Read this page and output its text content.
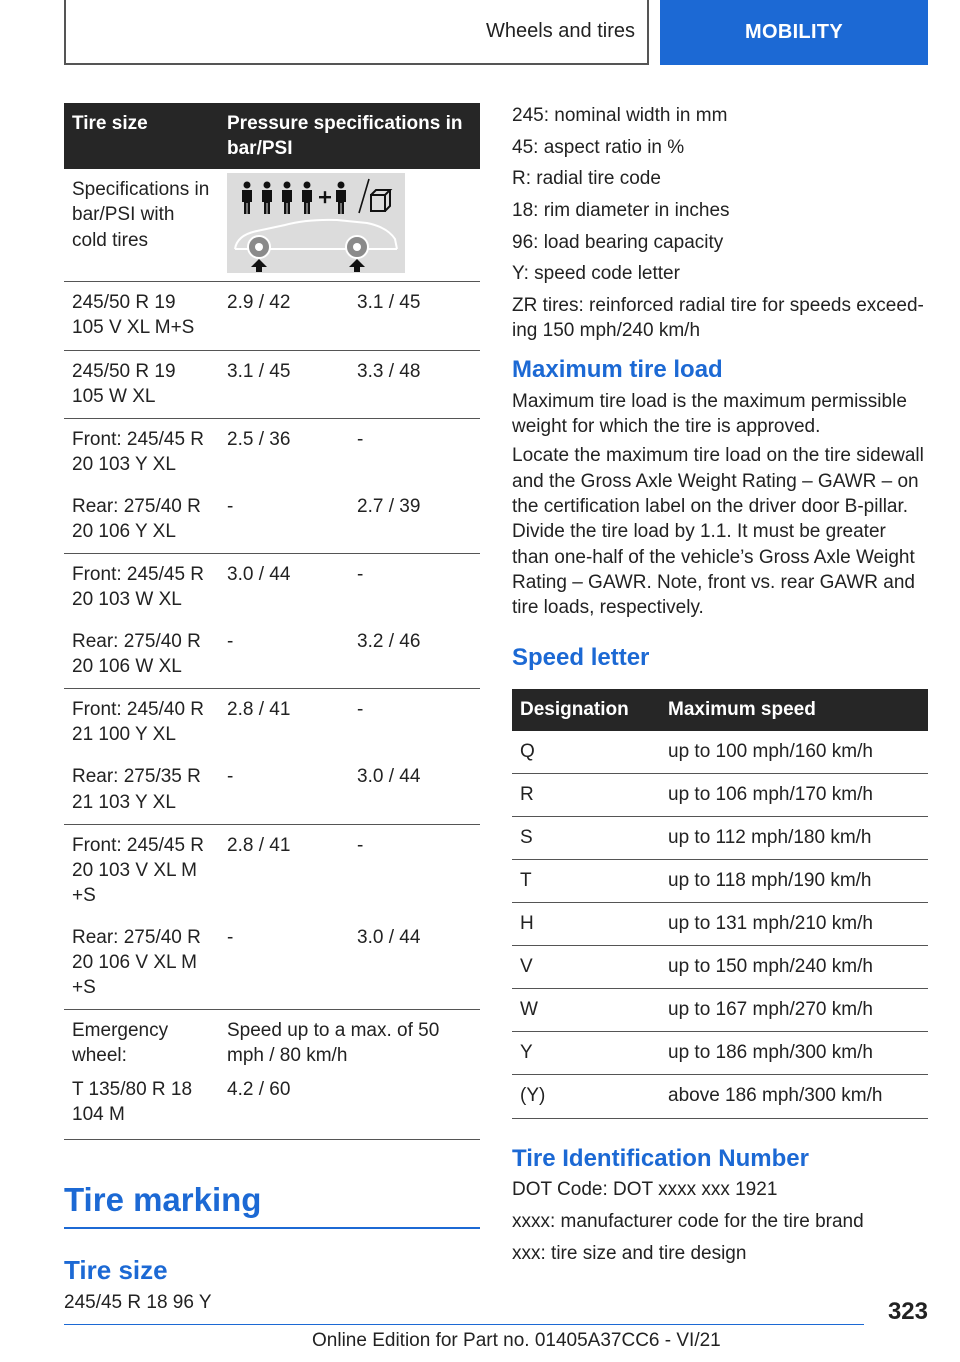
Wheels and tires	MOBILITY
Tire size	Pressure specifications in bar/PSI	
Specifications in bar/PSI with cold tires	

245/50 R 19 105 V XL M+S	2.9 / 42	3.1 / 45
245/50 R 19 105 W XL	3.1 / 45	3.3 / 48
Front: 245/45 R 20 103 Y XL	2.5 / 36	-
Rear: 275/40 R 20 106 Y XL	-	2.7 / 39
Front: 245/45 R 20 103 W XL	3.0 / 44	-
Rear: 275/40 R 20 106 W XL	-	3.2 / 46
Front: 245/40 R 21 100 Y XL	2.8 / 41	-
Rear: 275/35 R 21 103 Y XL	-	3.0 / 44
Front: 245/45 R 20 103 V XL M +S	2.8 / 41	-
Rear: 275/40 R 20 106 V XL M +S	-	3.0 / 44
Emergency wheel:	Speed up to a max. of 50 mph / 80 km/h	
T 135/80 R 18 104 M	4.2 / 60	
Tire marking
Tire size
245/45 R 18 96 Y
245: nominal width in mm
45: aspect ratio in %
R: radial tire code
18: rim diameter in inches
96: load bearing capacity
Y: speed code letter
ZR tires: reinforced radial tire for speeds exceed-ing 150 mph/240 km/h
Maximum tire load

Maximum tire load is the maximum permissible weight for which the tire is approved.

Locate the maximum tire load on the tire sidewall and the Gross Axle Weight Rating – GAWR – on the certification label on the driver door B-pillar. Divide the tire load by 1.1. It must be greater than one-half of the vehicle’s Gross Axle Weight Rating – GAWR. Note, front vs. rear GAWR and tire loads, respectively.

Speed letter
Designation	Maximum speed
Q	up to 100 mph/160 km/h
R	up to 106 mph/170 km/h
S	up to 112 mph/180 km/h
T	up to 118 mph/190 km/h
H	up to 131 mph/210 km/h
V	up to 150 mph/240 km/h
W	up to 167 mph/270 km/h
Y	up to 186 mph/300 km/h
(Y)	above 186 mph/300 km/h
Tire Identification Number
DOT Code: DOT xxxx xxx 1921
xxxx: manufacturer code for the tire brand
xxx: tire size and tire design
323
Online Edition for Part no. 01405A37CC6 - VI/21
